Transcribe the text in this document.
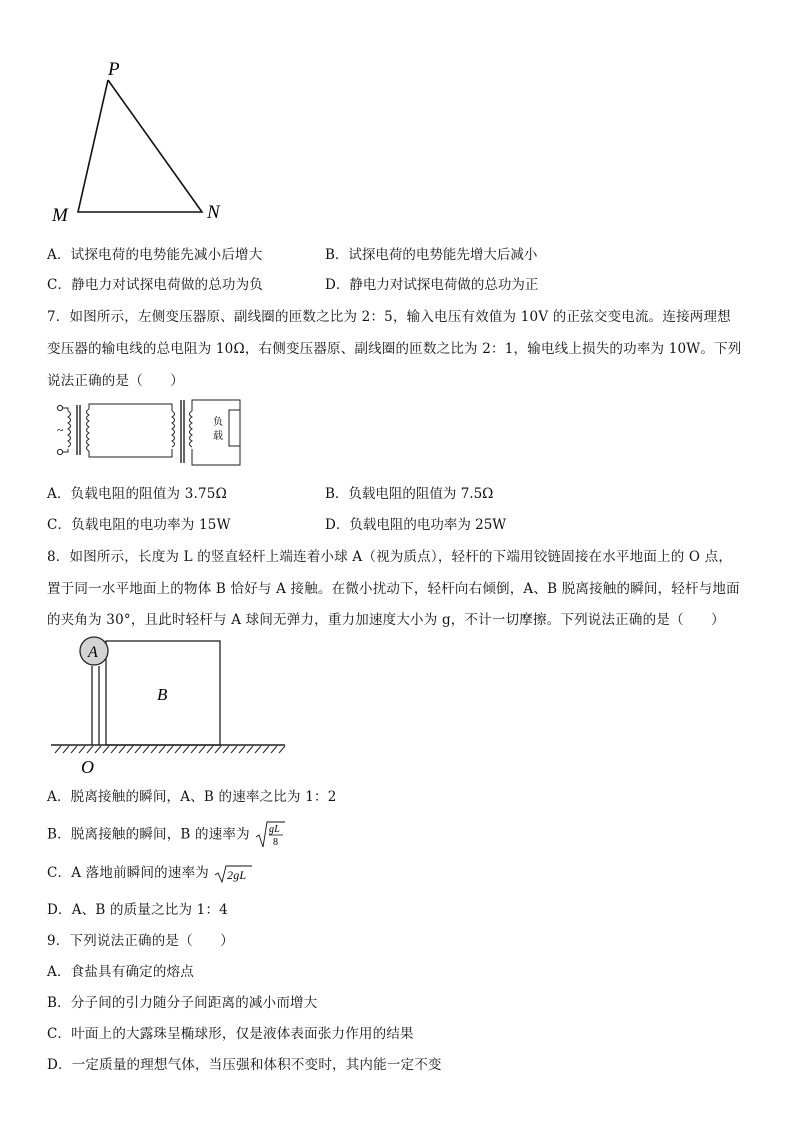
P
M	N
A．试探电荷的电势能先减小后增大	B．试探电荷的电势能先增大后减小
C．静电力对试探电荷做的总功为负	D．静电力对试探电荷做的总功为正
7．如图所示，左侧变压器原、副线圈的匝数之比为 2：5，输入电压有效值为 10V 的正弦交变电流。连接两理想
变压器的输电线的总电阻为 10Ω，右侧变压器原、副线圈的匝数之比为 2：1，输电线上损失的功率为 10W。下列
说法正确的是（　　）
~
负
载
A．负载电阻的阻值为 3.75Ω	B．负载电阻的阻值为 7.5Ω
C．负载电阻的电功率为 15W	D．负载电阻的电功率为 25W
8．如图所示，长度为 L 的竖直轻杆上端连着小球 A（视为质点），轻杆的下端用铰链固接在水平地面上的 O 点，
置于同一水平地面上的物体 B 恰好与 A 接触。在微小扰动下，轻杆向右倾倒，A、B 脱离接触的瞬间，轻杆与地面
的夹角为 30°，且此时轻杆与 A 球间无弹力，重力加速度大小为 g，不计一切摩擦。下列说法正确的是（　　）
B
A
O
A．脱离接触的瞬间，A、B 的速率之比为 1：2
B．脱离接触的瞬间，B 的速率为 gL
8
C．A 落地前瞬间的速率为 2gL
D．A、B 的质量之比为 1：4
9．下列说法正确的是（　　）
A．食盐具有确定的熔点
B．分子间的引力随分子间距离的减小而增大
C．叶面上的大露珠呈椭球形，仅是液体表面张力作用的结果
D．一定质量的理想气体，当压强和体积不变时，其内能一定不变
